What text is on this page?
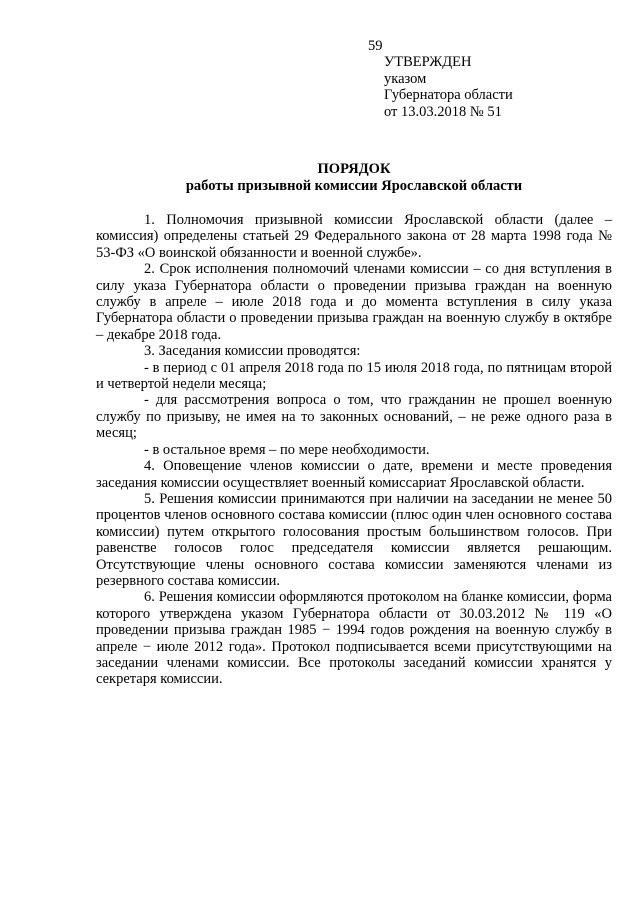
59
УТВЕРЖДЕН
указом
Губернатора области
от 13.03.2018 № 51
ПОРЯДОК
работы призывной комиссии Ярославской области

1. Полномочия призывной комиссии Ярославской области (далее – комиссия) определены статьей 29 Федерального закона от 28 марта 1998 года № 53-ФЗ «О воинской обязанности и военной службе».

2. Срок исполнения полномочий членами комиссии – со дня вступления в силу указа Губернатора области о проведении призыва граждан на военную службу в апреле – июле 2018 года и до момента вступления в силу указа Губернатора области о проведении призыва граждан на военную службу в октябре – декабре 2018 года.

3. Заседания комиссии проводятся:

- в период с 01 апреля 2018 года по 15 июля 2018 года, по пятницам второй и четвертой недели месяца;

- для рассмотрения вопроса о том, что гражданин не прошел военную службу по призыву, не имея на то законных оснований, – не реже одного раза в месяц;

- в остальное время – по мере необходимости.

4. Оповещение членов комиссии о дате, времени и месте проведения заседания комиссии осуществляет военный комиссариат Ярославской области.

5. Решения комиссии принимаются при наличии на заседании не менее 50 процентов членов основного состава комиссии (плюс один член основного состава комиссии) путем открытого голосования простым большинством голосов. При равенстве голосов голос председателя комиссии является решающим. Отсутствующие члены основного состава комиссии заменяются членами из резервного состава комиссии.

6. Решения комиссии оформляются протоколом на бланке комиссии, форма которого утверждена указом Губернатора области от 30.03.2012 № 119 «О проведении призыва граждан 1985 − 1994 годов рождения на военную службу в апреле − июле 2012 года». Протокол подписывается всеми присутствующими на заседании членами комиссии. Все протоколы заседаний комиссии хранятся у секретаря комиссии.
